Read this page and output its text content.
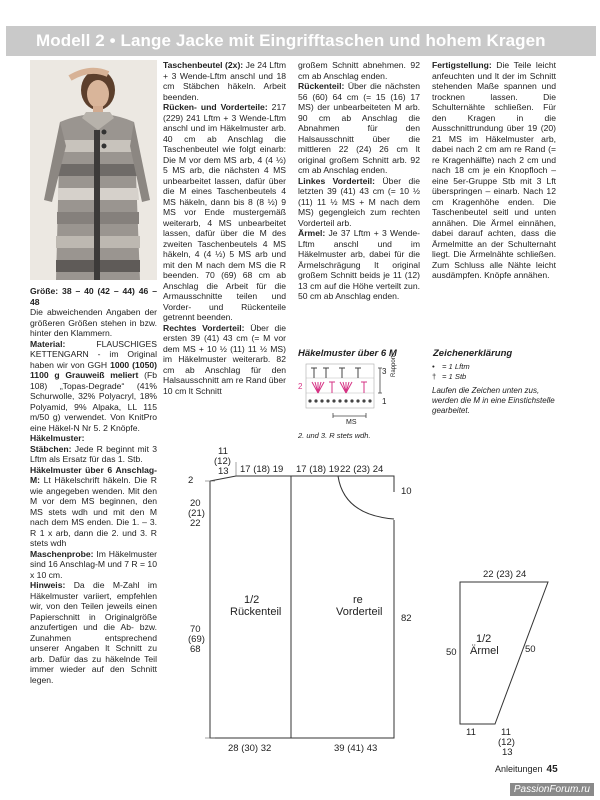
Modell 2 • Lange Jacke mit Eingrifftaschen und hohem Kragen

Größe: 38 – 40 (42 – 44) 46 – 48

Die abweichenden Angaben der größeren Größen stehen in bzw. hinter den Klammern.

Material: FLAUSCHIGES KETTENGARN - im Original haben wir von GGH 1000 (1050) 1100 g Grauweiß meliert (Fb 108) „Topas-Degrade“ (41% Schurwolle, 32% Polyacryl, 18% Polyamid, 9% Alpaka, LL 115 m/50 g) verwendet. Von KnitPro eine Häkel-N Nr 5. 2 Knöpfe.

Häkelmuster:

Stäbchen: Jede R beginnt mit 3 Lftm als Ersatz für das 1. Stb.

Häkelmuster über 6 Anschlag-M: Lt Häkelschrift häkeln. Die R wie angegeben wenden. Mit den M vor dem MS beginnen, den MS stets wdh und mit den M nach dem MS enden. Die 1. – 3. R 1 x arb, dann die 2. und 3. R stets wdh

Maschenprobe: Im Häkelmuster sind 16 Anschlag-M und 7 R = 10 x 10 cm.

Hinweis: Da die M-Zahl im Häkelmuster variiert, empfehlen wir, von den Teilen jeweils einen Papierschnitt in Originalgröße anzufertigen und die Ab- bzw. Zunahmen entsprechend unserer Angaben lt Schnitt zu arb. Dafür das zu häkelnde Teil immer wieder auf den Schnitt legen.

Taschenbeutel (2x): Je 24 Lftm + 3 Wende-Lftm anschl und 18 cm Stäbchen häkeln. Arbeit beenden.

Rücken- und Vorderteile: 217 (229) 241 Lftm + 3 Wende-Lftm anschl und im Häkelmuster arb. 40 cm ab Anschlag die Taschenbeutel wie folgt einarb: Die M vor dem MS arb, 4 (4 ½) 5 MS arb, die nächsten 4 MS unbearbeitet lassen, dafür über die M eines Taschenbeutels 4 MS häkeln, dann bis 8 (8 ½) 9 MS vor Ende mustergemäß weiterarb, 4 MS unbearbeitet lassen, dafür über die M des zweiten Taschenbeutels 4 MS häkeln, 4 (4 ½) 5 MS arb und mit den M nach dem MS die R beenden. 70 (69) 68 cm ab Anschlag die Arbeit für die Armausschnitte teilen und Vorder- und Rückenteile getrennt beenden.

Rechtes Vorderteil: Über die ersten 39 (41) 43 cm (= M vor dem MS + 10 ½ (11) 11 ½ MS) im Häkelmuster weiterarb. 82 cm ab Anschlag für den Halsausschnitt am re Rand über 10 cm lt Schnitt

großem Schnitt abnehmen. 92 cm ab Anschlag enden.

Rückenteil: Über die nächsten 56 (60) 64 cm (= 15 (16) 17 MS) der unbearbeiteten M arb. 90 cm ab Anschlag die Abnahmen für den Halsausschnitt über die mittleren 22 (24) 26 cm lt original großem Schnitt arb. 92 cm ab Anschlag enden.

Linkes Vorderteil: Über die letzten 39 (41) 43 cm (= 10 ½ (11) 11 ½ MS + M nach dem MS) gegengleich zum rechten Vorderteil arb.

Ärmel: Je 37 Lftm + 3 Wende-Lftm anschl und im Häkelmuster arb, dabei für die Ärmelschrägung lt original großem Schnitt beids je 11 (12) 13 cm auf die Höhe verteilt zun. 50 cm ab Anschlag enden.

Fertigstellung: Die Teile leicht anfeuchten und lt der im Schnitt stehenden Maße spannen und trocknen lassen. Die Schulternähte schließen. Für den Kragen in die Ausschnittrundung über 19 (20) 21 MS im Häkelmuster arb, dabei nach 2 cm am re Rand (= re Kragenhälfte) nach 2 cm und nach 18 cm je ein Knopfloch – eine 5er-Gruppe Stb mit 3 Lft überspringen – einarb. Nach 12 cm Kragenhöhe enden. Die Taschenbeutel seitl und unten annähen. Die Ärmel einnähen, dabei darauf achten, dass die Ärmelmitte an der Schulternaht liegt. Die Ärmelnähte schließen. Zum Schluss alle Nähte leicht ausdämpfen. Knöpfe annähen.

Häkelmuster über 6 M
3
2
1
Rapport
MS
2. und 3. R stets wdh.
Zeichenerklärung
• = 1 Lftm
† = 1 Stb
Laufen die Zeichen unten zus, werden die M in eine Einstichstelle gearbeitet.
11
(12)
13 17 (18) 19 17 (18) 19 22 (23) 24
2
20
(21)
22
10
70
(69)
68
82
1/2
Rückenteil
re
Vorderteil
28 (30) 32	39 (41) 43
22 (23) 24
50	50
1/2
Ärmel
11	11
(12)
13
Anleitungen 45
PassionForum.ru
